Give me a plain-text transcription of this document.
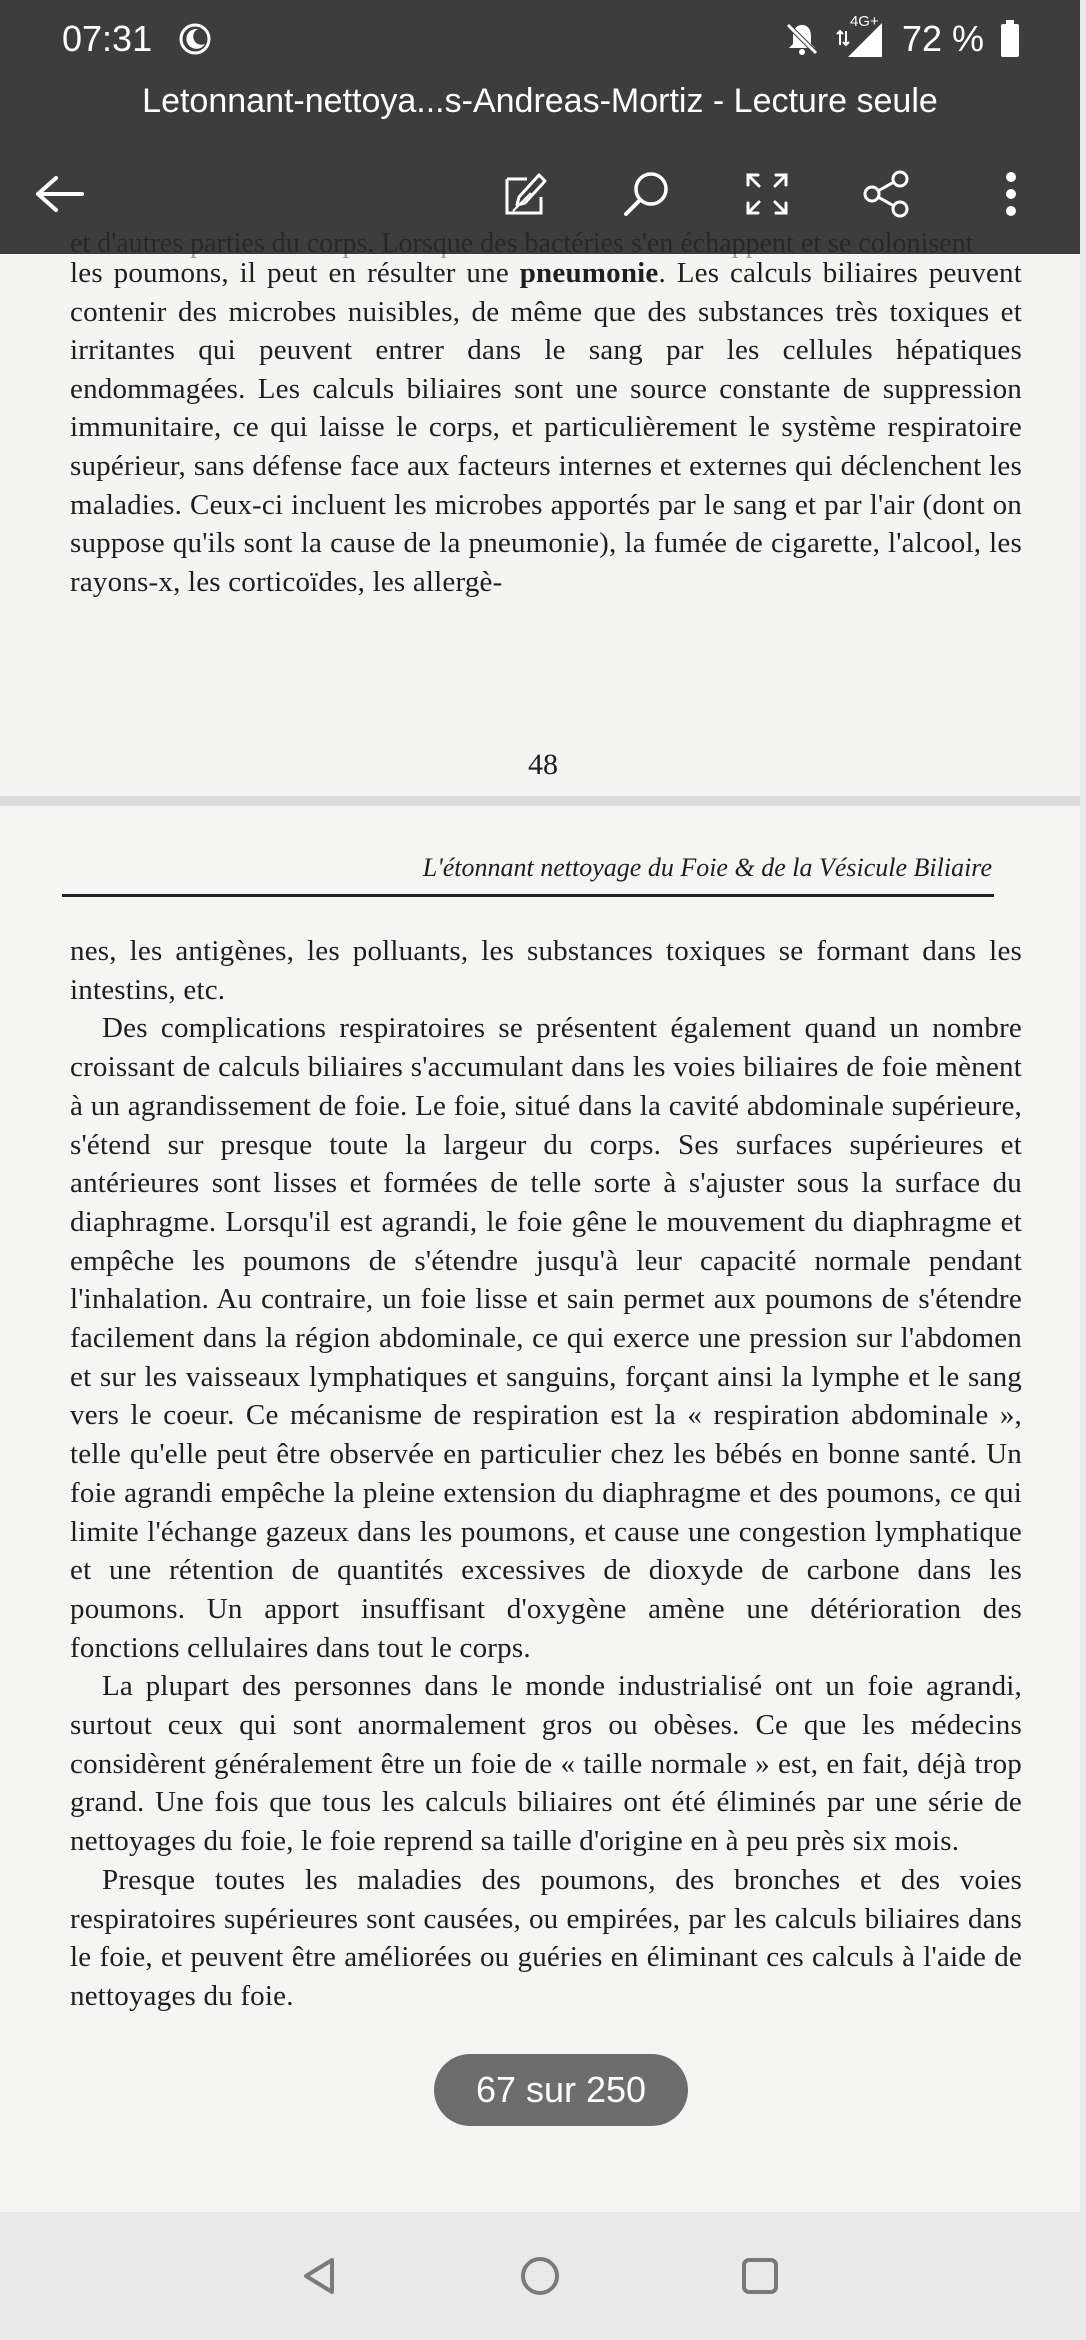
07:31	4G+ 72 %
Letonnant-nettoya...s-Andreas-Mortiz - Lecture seule
et d'autres parties du corps. Lorsque des bactéries s'en échappent et se colonisent

les poumons, il peut en résulter une pneumonie. Les calculs biliaires peuvent contenir des microbes nuisibles, de même que des substances très toxiques et irritantes qui peuvent entrer dans le sang par les cellules hépatiques endommagées. Les calculs biliaires sont une source constante de suppression immunitaire, ce qui laisse le corps, et particulièrement le système respiratoire supérieur, sans défense face aux facteurs internes et externes qui déclenchent les maladies. Ceux-ci incluent les microbes apportés par le sang et par l'air (dont on suppose qu'ils sont la cause de la pneumonie), la fumée de cigarette, l'alcool, les rayons-x, les corticoïdes, les allergè-

48
L'étonnant nettoyage du Foie & de la Vésicule Biliaire

nes, les antigènes, les polluants, les substances toxiques se formant dans les intestins, etc.

Des complications respiratoires se présentent également quand un nombre croissant de calculs biliaires s'accumulant dans les voies biliaires de foie mènent à un agrandissement de foie. Le foie, situé dans la cavité abdominale supérieure, s'étend sur presque toute la largeur du corps. Ses surfaces supérieures et antérieures sont lisses et formées de telle sorte à s'ajuster sous la surface du diaphragme. Lorsqu'il est agrandi, le foie gêne le mouvement du diaphragme et empêche les poumons de s'étendre jusqu'à leur capacité normale pendant l'inhalation. Au contraire, un foie lisse et sain permet aux poumons de s'étendre facilement dans la région abdominale, ce qui exerce une pression sur l'abdomen et sur les vaisseaux lymphatiques et sanguins, forçant ainsi la lymphe et le sang vers le coeur. Ce mécanisme de respiration est la « respiration abdominale », telle qu'elle peut être observée en particulier chez les bébés en bonne santé. Un foie agrandi empêche la pleine extension du diaphragme et des poumons, ce qui limite l'échange gazeux dans les poumons, et cause une congestion lymphatique et une rétention de quantités excessives de dioxyde de carbone dans les poumons. Un apport insuffisant d'oxygène amène une détérioration des fonctions cellulaires dans tout le corps.

La plupart des personnes dans le monde industrialisé ont un foie agrandi, surtout ceux qui sont anormalement gros ou obèses. Ce que les médecins considèrent généralement être un foie de « taille normale » est, en fait, déjà trop grand. Une fois que tous les calculs biliaires ont été éliminés par une série de nettoyages du foie, le foie reprend sa taille d'origine en à peu près six mois.

Presque toutes les maladies des poumons, des bronches et des voies respiratoires supérieures sont causées, ou empirées, par les calculs biliaires dans le foie, et peuvent être améliorées ou guéries en éliminant ces calculs à l'aide de nettoyages du foie.

67 sur 250
